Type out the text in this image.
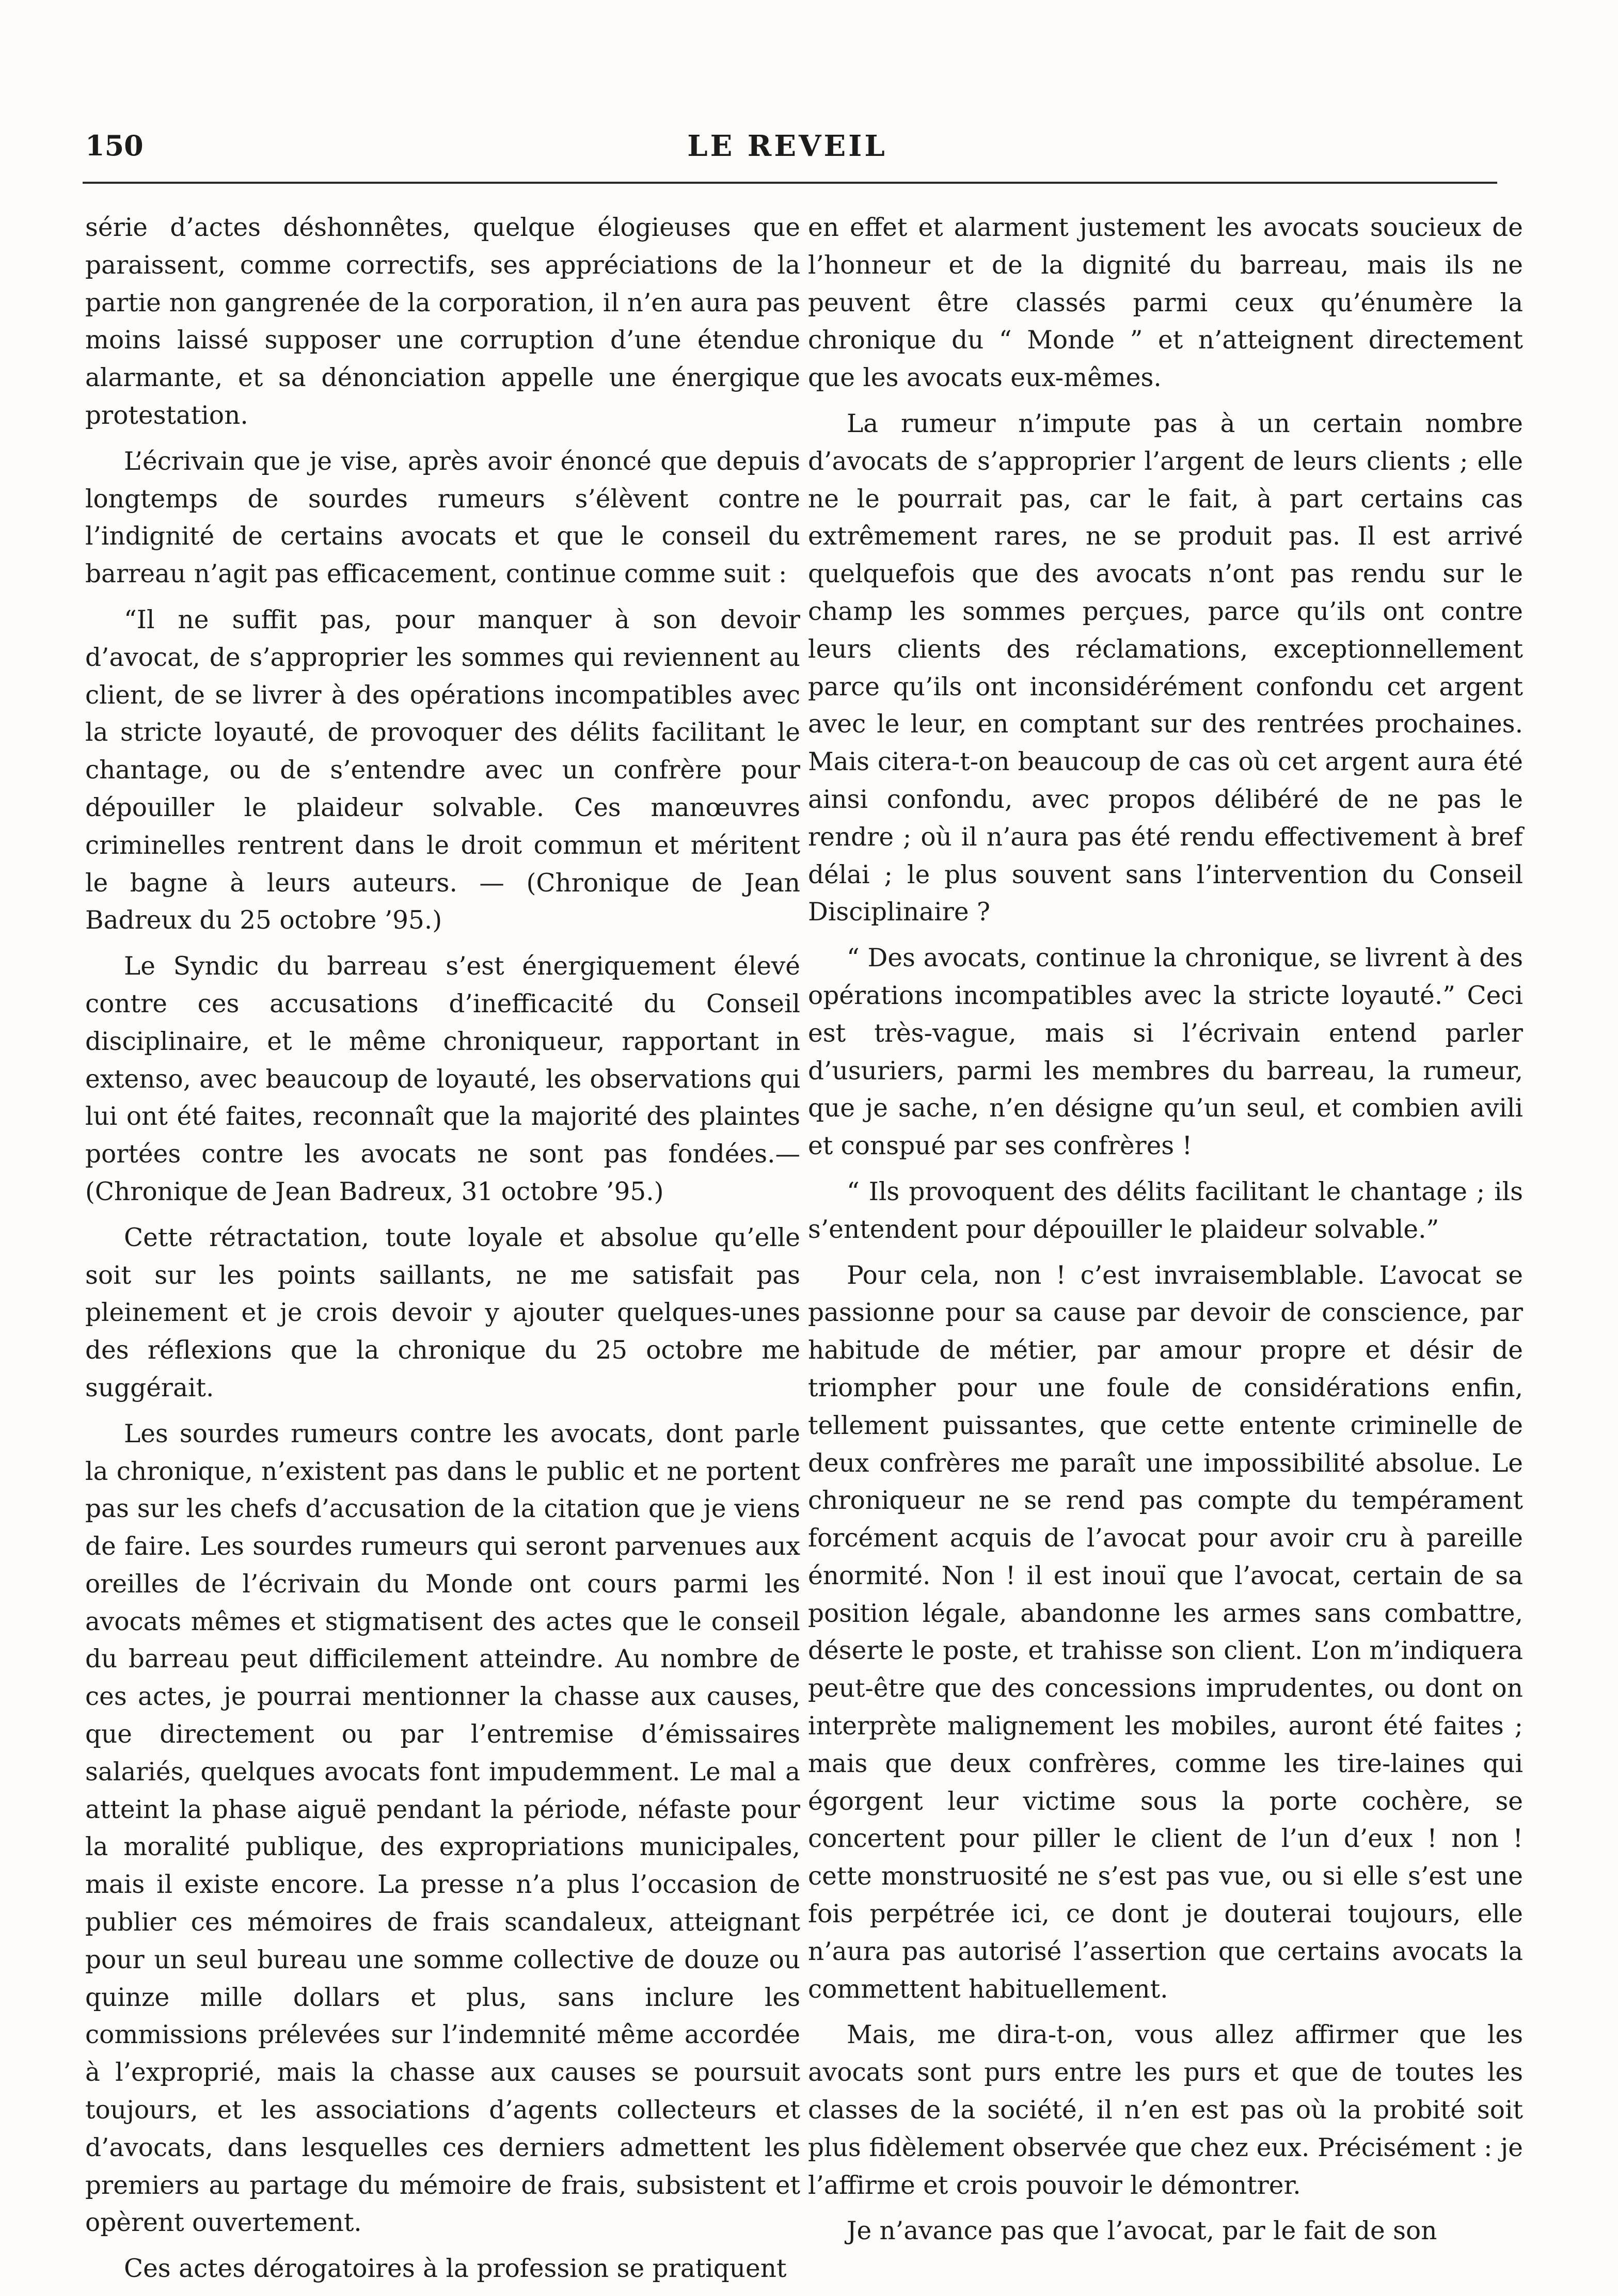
150	LE REVEIL

série d’actes déshonnêtes, quelque élogieuses que paraissent, comme correctifs, ses appréciations de la partie non gangrenée de la corporation, il n’en aura pas moins laissé supposer une corruption d’une étendue alarmante, et sa dénonciation appelle une énergique protestation.

L’écrivain que je vise, après avoir énoncé que depuis longtemps de sourdes rumeurs s’élèvent contre l’indignité de certains avocats et que le conseil du barreau n’agit pas efficacement, continue comme suit :

“Il ne suffit pas, pour manquer à son devoir d’avocat, de s’approprier les sommes qui reviennent au client, de se livrer à des opérations incompatibles avec la stricte loyauté, de provoquer des délits facilitant le chantage, ou de s’entendre avec un confrère pour dépouiller le plaideur solvable. Ces manœuvres criminelles rentrent dans le droit commun et méritent le bagne à leurs auteurs. — (Chronique de Jean Badreux du 25 octobre ’95.)

Le Syndic du barreau s’est énergiquement élevé contre ces accusations d’inefficacité du Conseil disciplinaire, et le même chroniqueur, rapportant in extenso, avec beaucoup de loyauté, les observations qui lui ont été faites, reconnaît que la majorité des plaintes portées contre les avocats ne sont pas fondées.—(Chronique de Jean Badreux, 31 octobre ’95.)

Cette rétractation, toute loyale et absolue qu’elle soit sur les points saillants, ne me satisfait pas pleinement et je crois devoir y ajouter quelques-unes des réflexions que la chronique du 25 octobre me suggérait.

Les sourdes rumeurs contre les avocats, dont parle la chronique, n’existent pas dans le public et ne portent pas sur les chefs d’accusation de la citation que je viens de faire. Les sourdes rumeurs qui seront parvenues aux oreilles de l’écrivain du Monde ont cours parmi les avocats mêmes et stigmatisent des actes que le conseil du barreau peut difficilement atteindre. Au nombre de ces actes, je pourrai mentionner la chasse aux causes, que directement ou par l’entremise d’émissaires salariés, quelques avocats font impudemment. Le mal a atteint la phase aiguë pendant la période, néfaste pour la moralité publique, des expropriations municipales, mais il existe encore. La presse n’a plus l’occasion de publier ces mémoires de frais scandaleux, atteignant pour un seul bureau une somme collective de douze ou quinze mille dollars et plus, sans inclure les commissions prélevées sur l’indemnité même accordée à l’exproprié, mais la chasse aux causes se poursuit toujours, et les associations d’agents collecteurs et d’avocats, dans lesquelles ces derniers admettent les premiers au partage du mémoire de frais, subsistent et opèrent ouvertement.

Ces actes dérogatoires à la profession se pratiquent

en effet et alarment justement les avocats soucieux de l’honneur et de la dignité du barreau, mais ils ne peuvent être classés parmi ceux qu’énumère la chronique du “ Monde ” et n’atteignent directement que les avocats eux-mêmes.

La rumeur n’impute pas à un certain nombre d’avocats de s’approprier l’argent de leurs clients ; elle ne le pourrait pas, car le fait, à part certains cas extrêmement rares, ne se produit pas. Il est arrivé quelquefois que des avocats n’ont pas rendu sur le champ les sommes perçues, parce qu’ils ont contre leurs clients des réclamations, exceptionnellement parce qu’ils ont inconsidérément confondu cet argent avec le leur, en comptant sur des rentrées prochaines. Mais citera-t-on beaucoup de cas où cet argent aura été ainsi confondu, avec propos délibéré de ne pas le rendre ; où il n’aura pas été rendu effectivement à bref délai ; le plus souvent sans l’intervention du Conseil Disciplinaire ?

“ Des avocats, continue la chronique, se livrent à des opérations incompatibles avec la stricte loyauté.” Ceci est très-vague, mais si l’écrivain entend parler d’usuriers, parmi les membres du barreau, la rumeur, que je sache, n’en désigne qu’un seul, et combien avili et conspué par ses confrères !

“ Ils provoquent des délits facilitant le chantage ; ils s’entendent pour dépouiller le plaideur solvable.”

Pour cela, non ! c’est invraisemblable. L’avocat se passionne pour sa cause par devoir de conscience, par habitude de métier, par amour propre et désir de triompher pour une foule de considérations enfin, tellement puissantes, que cette entente criminelle de deux confrères me paraît une impossibilité absolue. Le chroniqueur ne se rend pas compte du tempérament forcément acquis de l’avocat pour avoir cru à pareille énormité. Non ! il est inouï que l’avocat, certain de sa position légale, abandonne les armes sans combattre, déserte le poste, et trahisse son client. L’on m’indiquera peut-être que des concessions imprudentes, ou dont on interprète malignement les mobiles, auront été faites ; mais que deux confrères, comme les tire-laines qui égorgent leur victime sous la porte cochère, se concertent pour piller le client de l’un d’eux ! non ! cette monstruosité ne s’est pas vue, ou si elle s’est une fois perpétrée ici, ce dont je douterai toujours, elle n’aura pas autorisé l’assertion que certains avocats la commettent habituellement.

Mais, me dira-t-on, vous allez affirmer que les avocats sont purs entre les purs et que de toutes les classes de la société, il n’en est pas où la probité soit plus fidèlement observée que chez eux. Précisément : je l’affirme et crois pouvoir le démontrer.

Je n’avance pas que l’avocat, par le fait de son
